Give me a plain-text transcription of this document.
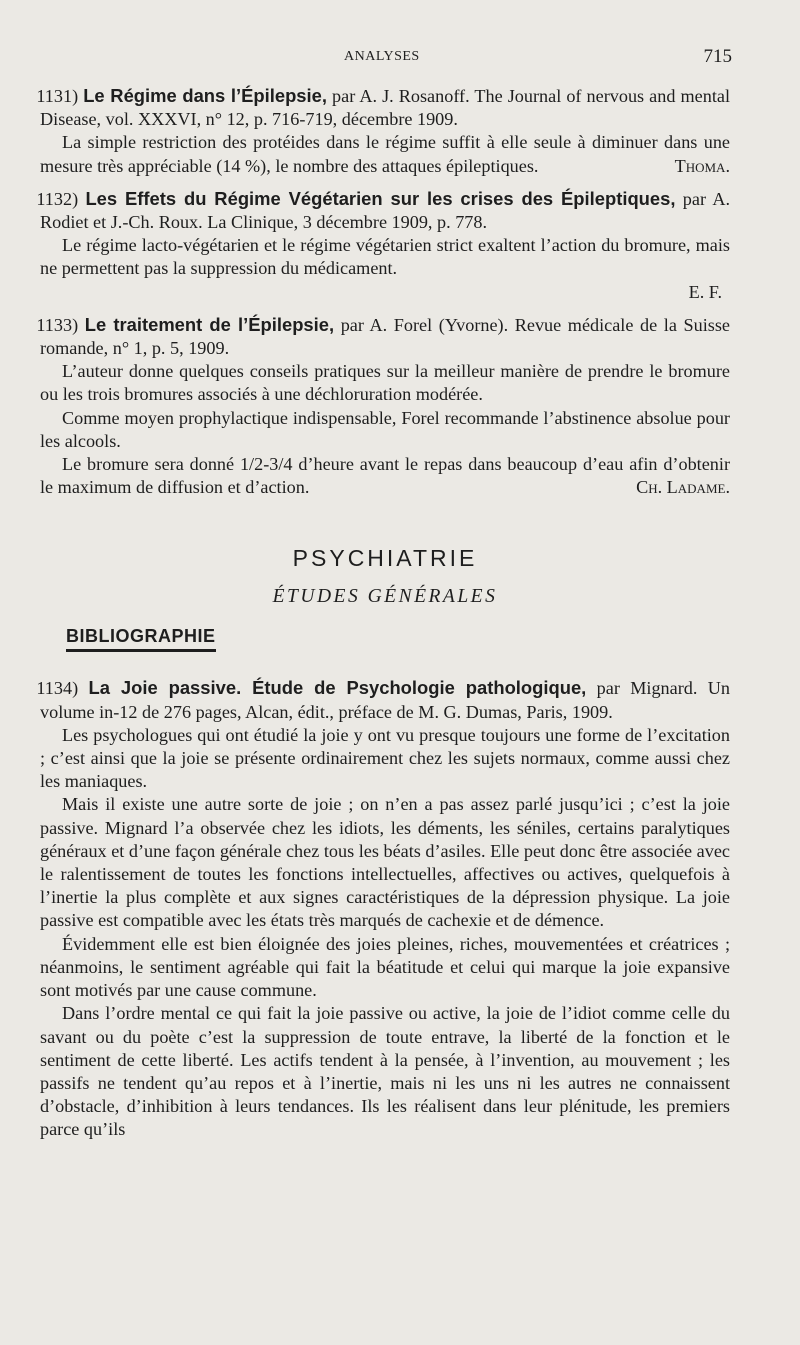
ANALYSES	715

1131) Le Régime dans l’Épilepsie, par A. J. Rosanoff. The Journal of nervous and mental Disease, vol. XXXVI, n° 12, p. 716-719, décembre 1909.

La simple restriction des protéides dans le régime suffit à elle seule à diminuer dans une mesure très appréciable (14 %), le nombre des attaques épileptiques.	Thoma.

1132) Les Effets du Régime Végétarien sur les crises des Épileptiques, par A. Rodiet et J.-Ch. Roux. La Clinique, 3 décembre 1909, p. 778.

Le régime lacto-végétarien et le régime végétarien strict exaltent l’action du bromure, mais ne permettent pas la suppression du médicament.

E. F.

1133) Le traitement de l’Épilepsie, par A. Forel (Yvorne). Revue médicale de la Suisse romande, n° 1, p. 5, 1909.

L’auteur donne quelques conseils pratiques sur la meilleur manière de prendre le bromure ou les trois bromures associés à une déchloruration modérée.

Comme moyen prophylactique indispensable, Forel recommande l’abstinence absolue pour les alcools.

Le bromure sera donné 1/2-3/4 d’heure avant le repas dans beaucoup d’eau afin d’obtenir le maximum de diffusion et d’action.	Ch. Ladame.

PSYCHIATRIE
ÉTUDES GÉNÉRALES
BIBLIOGRAPHIE

1134) La Joie passive. Étude de Psychologie pathologique, par Mignard. Un volume in-12 de 276 pages, Alcan, édit., préface de M. G. Dumas, Paris, 1909.

Les psychologues qui ont étudié la joie y ont vu presque toujours une forme de l’excitation ; c’est ainsi que la joie se présente ordinairement chez les sujets normaux, comme aussi chez les maniaques.

Mais il existe une autre sorte de joie ; on n’en a pas assez parlé jusqu’ici ; c’est la joie passive. Mignard l’a observée chez les idiots, les déments, les séniles, certains paralytiques généraux et d’une façon générale chez tous les béats d’asiles. Elle peut donc être associée avec le ralentissement de toutes les fonctions intellectuelles, affectives ou actives, quelquefois à l’inertie la plus complète et aux signes caractéristiques de la dépression physique. La joie passive est compatible avec les états très marqués de cachexie et de démence.

Évidemment elle est bien éloignée des joies pleines, riches, mouvementées et créatrices ; néanmoins, le sentiment agréable qui fait la béatitude et celui qui marque la joie expansive sont motivés par une cause commune.

Dans l’ordre mental ce qui fait la joie passive ou active, la joie de l’idiot comme celle du savant ou du poète c’est la suppression de toute entrave, la liberté de la fonction et le sentiment de cette liberté. Les actifs tendent à la pensée, à l’invention, au mouvement ; les passifs ne tendent qu’au repos et à l’inertie, mais ni les uns ni les autres ne connaissent d’obstacle, d’inhibition à leurs tendances. Ils les réalisent dans leur plénitude, les premiers parce qu’ils
